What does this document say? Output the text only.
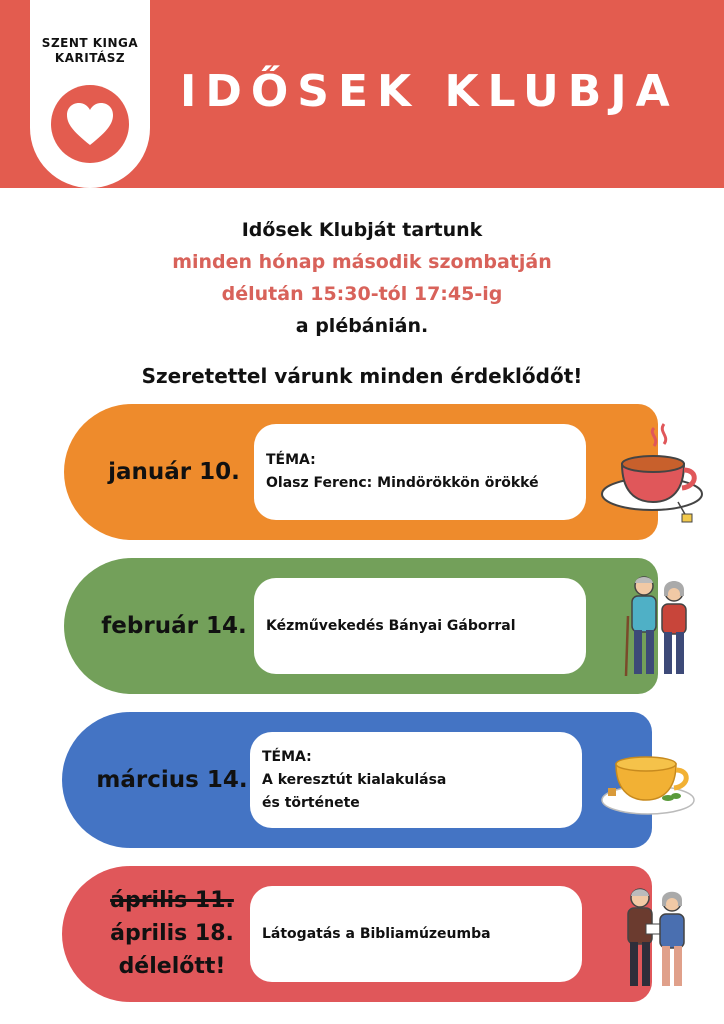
SZENT KINGA
KARITÁSZ
IDŐSEK KLUBJA
Idősek Klubját tartunk
minden hónap második szombatján
délután 15:30-tól 17:45-ig
a plébánián.
Szeretettel várunk minden érdeklődőt!
január 10.	TÉMA:
Olasz Ferenc: Mindörökkön örökké
február 14.	Kézművekedés Bányai Gáborral
március 14.
TÉMA:
A keresztút kialakulása
és története
április 11.
április 18.
délelőtt!
Látogatás a Bibliamúzeumba
